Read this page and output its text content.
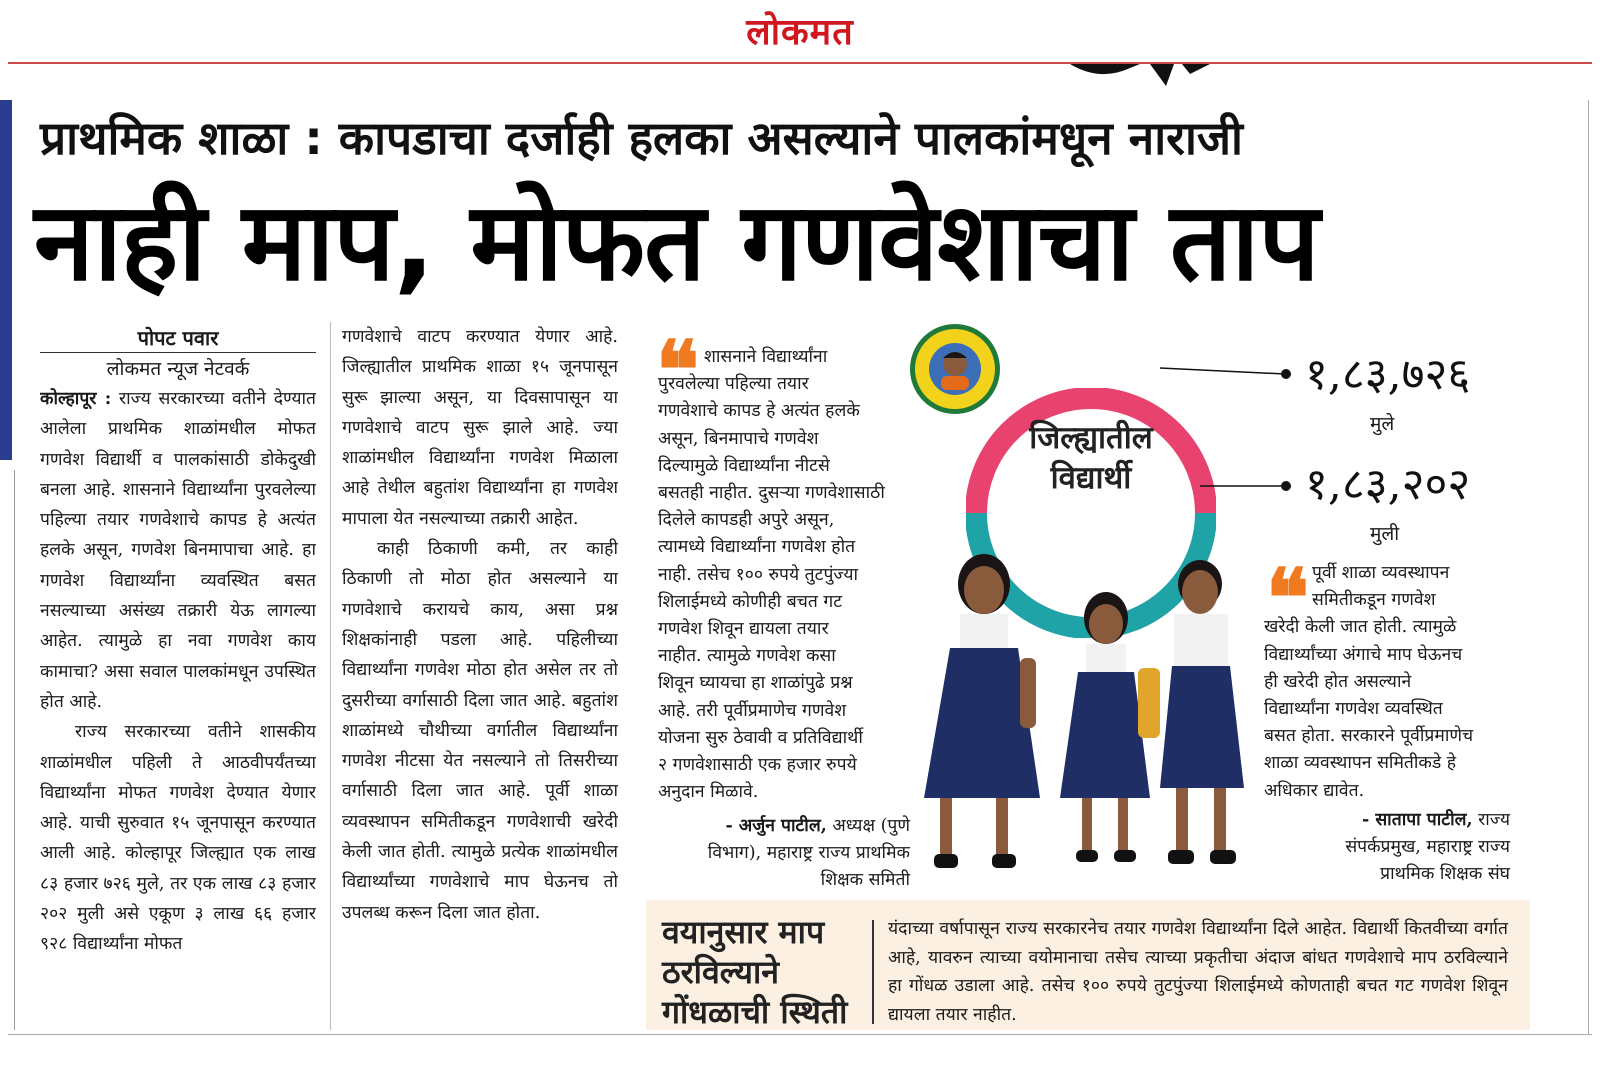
लोकमत
प्राथमिक शाळा : कापडाचा दर्जाही हलका असल्याने पालकांमधून नाराजी
नाही माप, मोफत गणवेशाचा ताप
पोपट पवार
लोकमत न्यूज नेटवर्क

कोल्हापूर : राज्य सरकारच्या वतीने देण्यात आलेला प्राथमिक शाळांमधील मोफत गणवेश विद्यार्थी व पालकांसाठी डोकेदुखी बनला आहे. शासनाने विद्यार्थ्यांना पुरवलेल्या पहिल्या तयार गणवेशाचे कापड हे अत्यंत हलके असून, गणवेश बिनमापाचा आहे. हा गणवेश विद्यार्थ्यांना व्यवस्थित बसत नसल्याच्या असंख्य तक्रारी येऊ लागल्या आहेत. त्यामुळे हा नवा गणवेश काय कामाचा? असा सवाल पालकांमधून उपस्थित होत आहे.

राज्य सरकारच्या वतीने शासकीय शाळांमधील पहिली ते आठवीपर्यंतच्या विद्यार्थ्यांना मोफत गणवेश देण्यात येणार आहे. याची सुरुवात १५ जूनपासून करण्यात आली आहे. कोल्हापूर जिल्ह्यात एक लाख ८३ हजार ७२६ मुले, तर एक लाख ८३ हजार २०२ मुली असे एकूण ३ लाख ६६ हजार ९२८ विद्यार्थ्यांना मोफत

गणवेशाचे वाटप करण्यात येणार आहे. जिल्ह्यातील प्राथमिक शाळा १५ जूनपासून सुरू झाल्या असून, या दिवसापासून या गणवेशाचे वाटप सुरू झाले आहे. ज्या शाळांमधील विद्यार्थ्यांना गणवेश मिळाला आहे तेथील बहुतांश विद्यार्थ्यांना हा गणवेश मापाला येत नसल्याच्या तक्रारी आहेत.

काही ठिकाणी कमी, तर काही ठिकाणी तो मोठा होत असल्याने या गणवेशाचे करायचे काय, असा प्रश्न शिक्षकांनाही पडला आहे. पहिलीच्या विद्यार्थ्यांना गणवेश मोठा होत असेल तर तो दुसरीच्या वर्गासाठी दिला जात आहे. बहुतांश शाळांमध्ये चौथीच्या वर्गातील विद्यार्थ्यांना गणवेश नीटसा येत नसल्याने तो तिसरीच्या वर्गासाठी दिला जात आहे. पूर्वी शाळा व्यवस्थापन समितीकडून गणवेशाची खरेदी केली जात होती. त्यामुळे प्रत्येक शाळांमधील विद्यार्थ्यांच्या गणवेशाचे माप घेऊनच तो उपलब्ध करून दिला जात होता.

❝ शासनाने विद्यार्थ्यांना
पुरवलेल्या पहिल्या तयार
गणवेशाचे कापड हे अत्यंत हलके
असून, बिनमापाचे गणवेश
दिल्यामुळे विद्यार्थ्यांना नीटसे
बसतही नाहीत. दुसऱ्या गणवेशासाठी
दिलेले कापडही अपुरे असून,
त्यामध्ये विद्यार्थ्यांना गणवेश होत
नाही. तसेच १०० रुपये तुटपुंज्या
शिलाईमध्ये कोणीही बचत गट
गणवेश शिवून द्यायला तयार
नाहीत. त्यामुळे गणवेश कसा
शिवून घ्यायचा हा शाळांपुढे प्रश्न
आहे. तरी पूर्वीप्रमाणेच गणवेश
योजना सुरु ठेवावी व प्रतिविद्यार्थी
२ गणवेशासाठी एक हजार रुपये
अनुदान मिळावे.
- अर्जुन पाटील, अध्यक्ष (पुणे
विभाग), महाराष्ट्र राज्य प्राथमिक
शिक्षक समिती
जिल्ह्यातील
विद्यार्थी
१,८३,७२६
मुले
१,८३,२०२
मुली
❝ पूर्वी शाळा व्यवस्थापन
समितीकडून गणवेश
खरेदी केली जात होती. त्यामुळे
विद्यार्थ्यांच्या अंगाचे माप घेऊनच
ही खरेदी होत असल्याने
विद्यार्थ्यांना गणवेश व्यवस्थित
बसत होता. सरकारने पूर्वीप्रमाणेच
शाळा व्यवस्थापन समितीकडे हे
अधिकार द्यावेत.
- सातापा पाटील, राज्य
संपर्कप्रमुख, महाराष्ट्र राज्य
प्राथमिक शिक्षक संघ
वयानुसार माप
ठरविल्याने
गोंधळाची स्थिती
यंदाच्या वर्षापासून राज्य सरकारनेच तयार गणवेश विद्यार्थ्यांना दिले आहेत. विद्यार्थी कितवीच्या वर्गात आहे, यावरुन त्याच्या वयोमानाचा तसेच त्याच्या प्रकृतीचा अंदाज बांधत गणवेशाचे माप ठरविल्याने हा गोंधळ उडाला आहे. तसेच १०० रुपये तुटपुंज्या शिलाईमध्ये कोणताही बचत गट गणवेश शिवून द्यायला तयार नाहीत.
